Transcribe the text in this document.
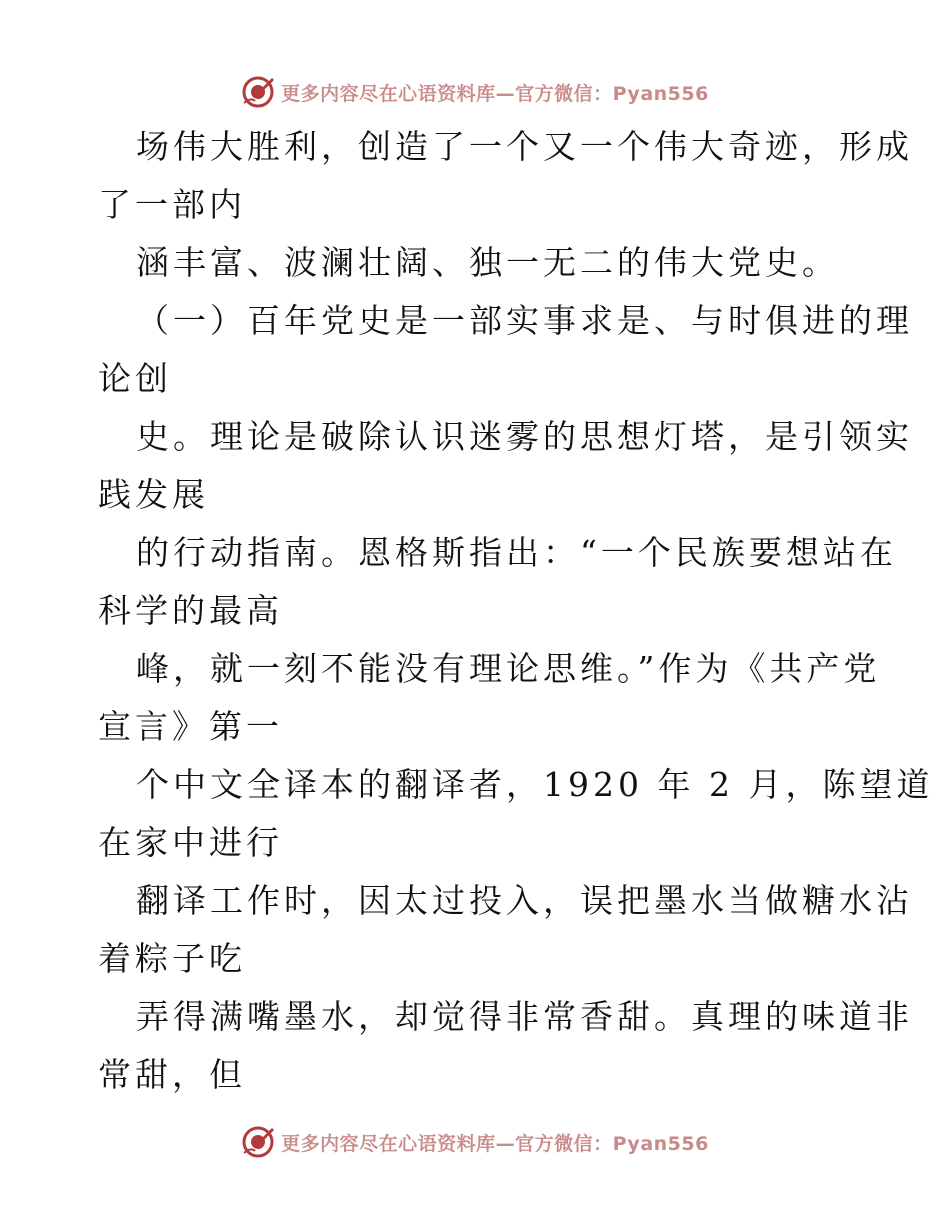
更多内容尽在心语资料库—官方微信：Pyan556
场伟大胜利，创造了一个又一个伟大奇迹，形成
了一部内
涵丰富、波澜壮阔、独一无二的伟大党史。
（一）百年党史是一部实事求是、与时俱进的理
论创
史。理论是破除认识迷雾的思想灯塔，是引领实
践发展
的行动指南。恩格斯指出：“一个民族要想站在
科学的最高
峰，就一刻不能没有理论思维。”作为《共产党
宣言》第一
个中文全译本的翻译者，1920 年 2 月，陈望道
在家中进行
翻译工作时，因太过投入，误把墨水当做糖水沾
着粽子吃
弄得满嘴墨水，却觉得非常香甜。真理的味道非
常甜，但
更多内容尽在心语资料库—官方微信：Pyan556
